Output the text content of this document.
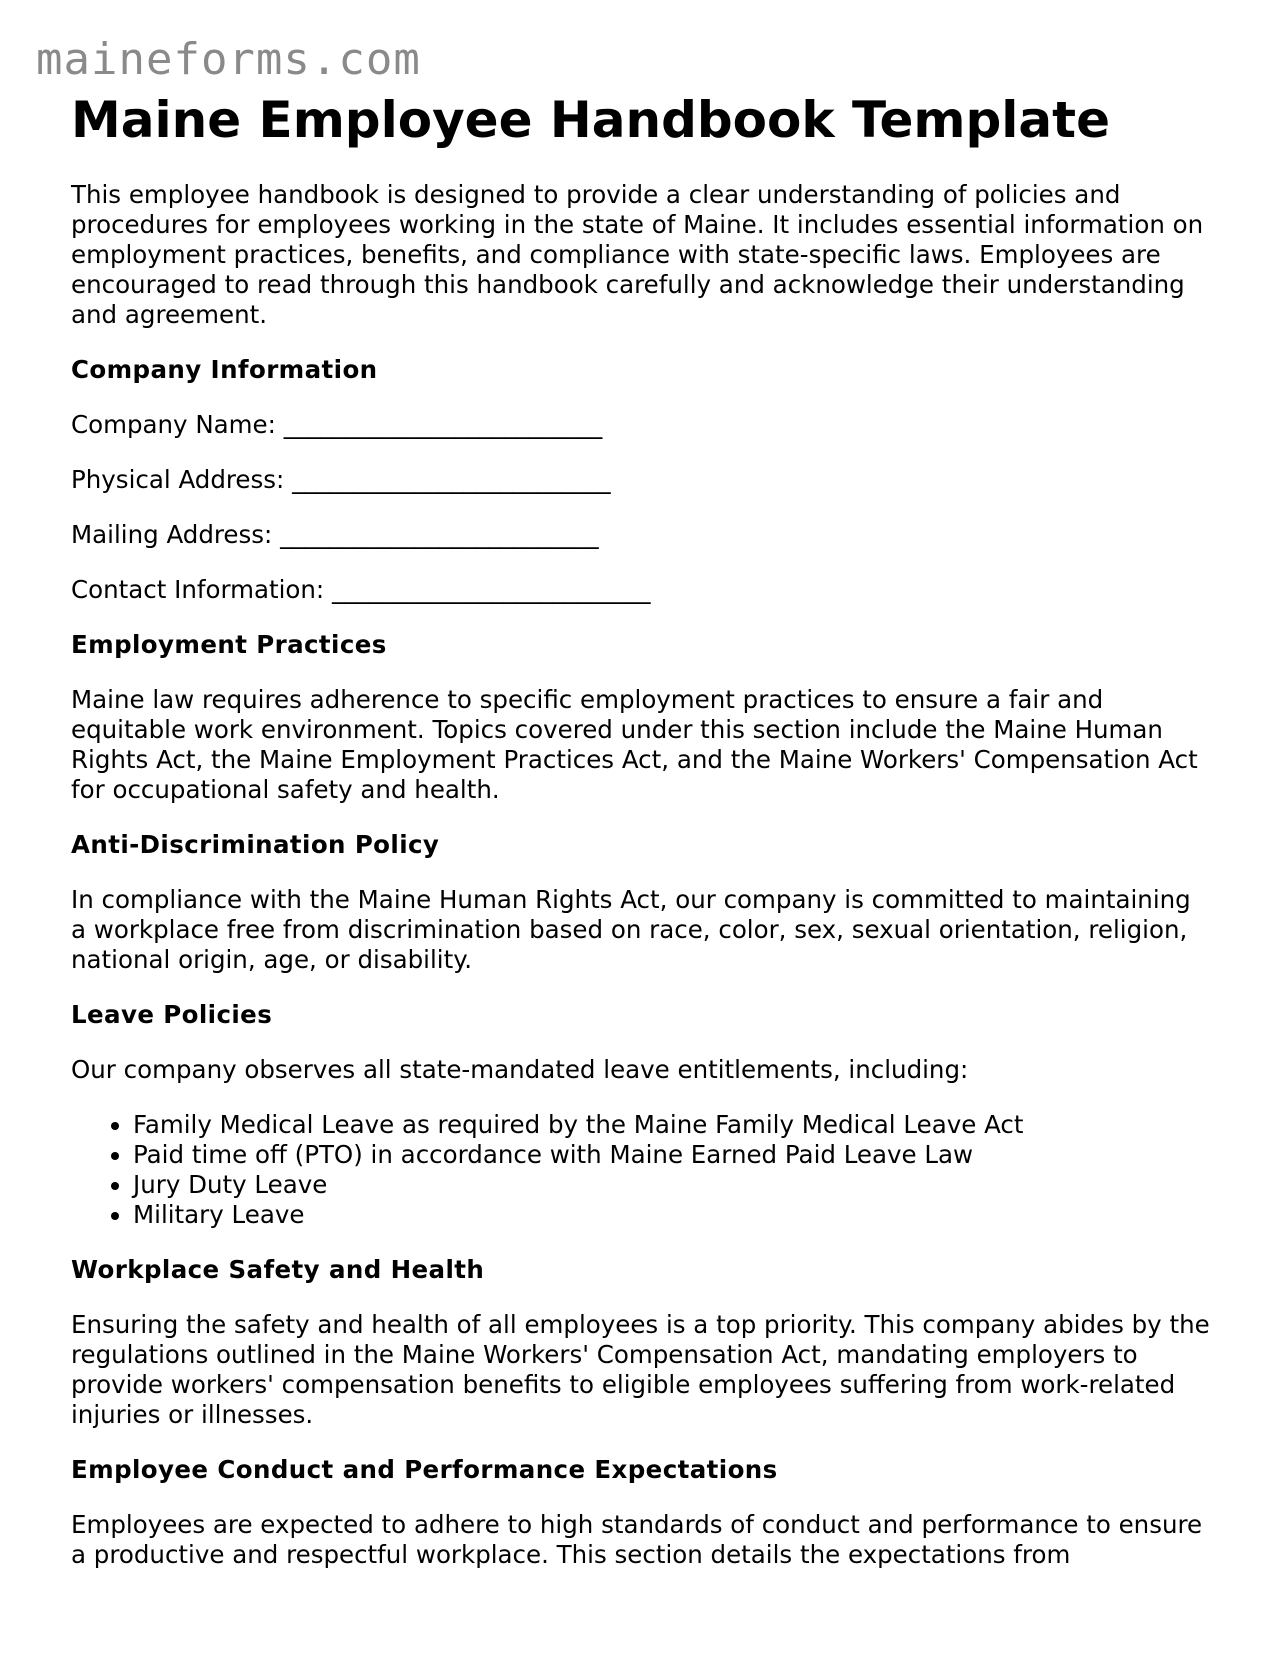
maineforms.com
Maine Employee Handbook Template

This employee handbook is designed to provide a clear understanding of policies and procedures for employees working in the state of Maine. It includes essential information on employment practices, benefits, and compliance with state-specific laws. Employees are encouraged to read through this handbook carefully and acknowledge their understanding and agreement.

Company Information
Company Name: __________________________
Physical Address: __________________________
Mailing Address: __________________________
Contact Information: __________________________
Employment Practices

Maine law requires adherence to specific employment practices to ensure a fair and equitable work environment. Topics covered under this section include the Maine Human Rights Act, the Maine Employment Practices Act, and the Maine Workers' Compensation Act for occupational safety and health.

Anti-Discrimination Policy

In compliance with the Maine Human Rights Act, our company is committed to maintaining a workplace free from discrimination based on race, color, sex, sexual orientation, religion, national origin, age, or disability.

Leave Policies

Our company observes all state-mandated leave entitlements, including:

• Family Medical Leave as required by the Maine Family Medical Leave Act
• Paid time off (PTO) in accordance with Maine Earned Paid Leave Law
• Jury Duty Leave
• Military Leave
Workplace Safety and Health

Ensuring the safety and health of all employees is a top priority. This company abides by the regulations outlined in the Maine Workers' Compensation Act, mandating employers to provide workers' compensation benefits to eligible employees suffering from work-related injuries or illnesses.

Employee Conduct and Performance Expectations

Employees are expected to adhere to high standards of conduct and performance to ensure a productive and respectful workplace. This section details the expectations from
